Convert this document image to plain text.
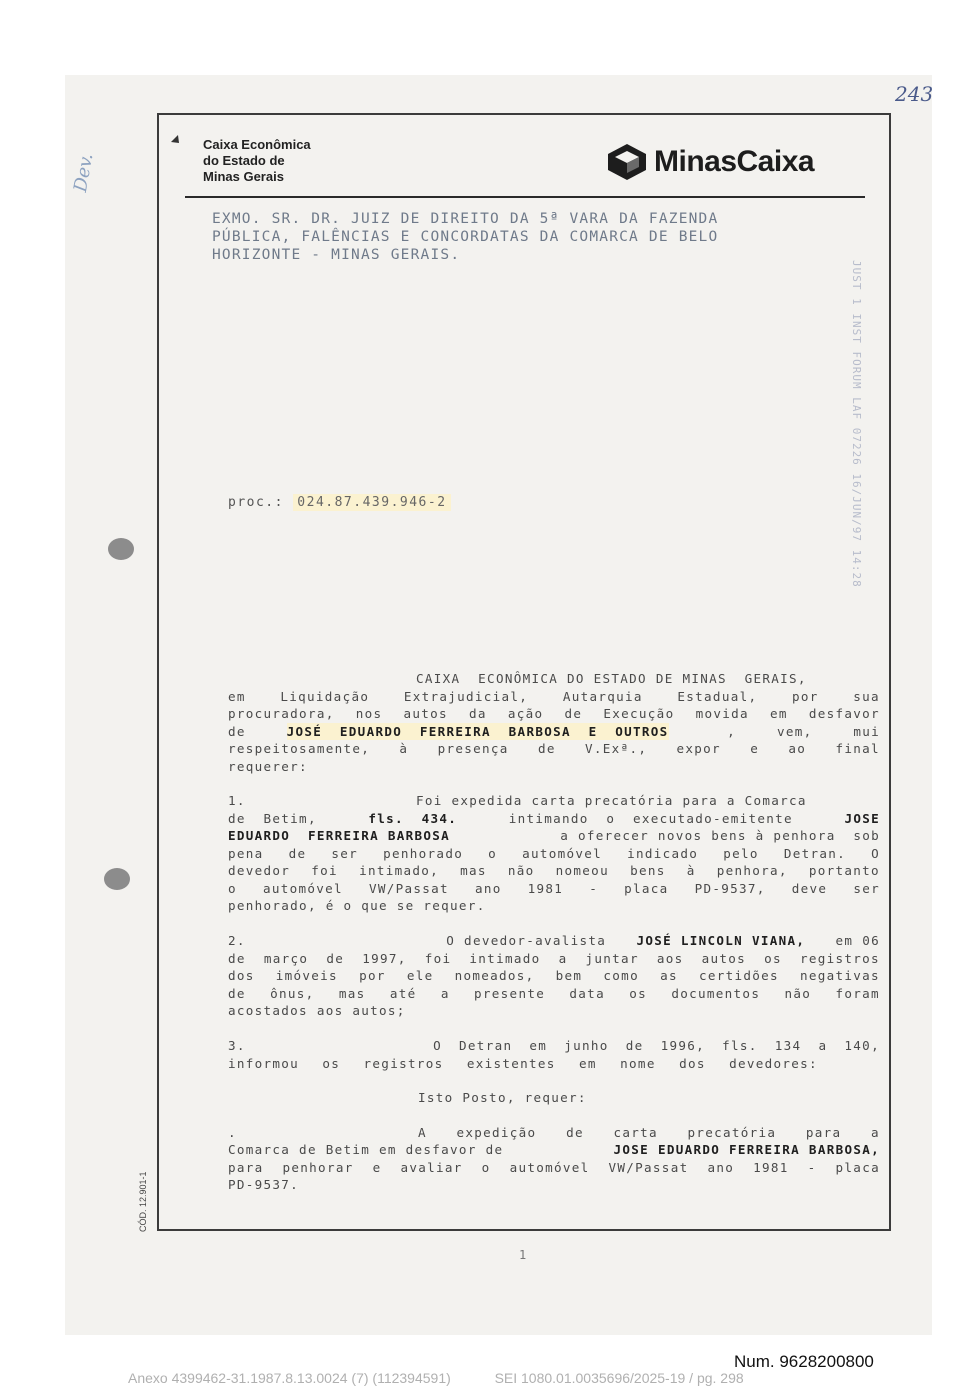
243
Dev.
Caixa Econômica
do Estado de
Minas Gerais	MinasCaixa
EXMO. SR. DR. JUIZ DE DIREITO DA 5ª VARA DA FAZENDA
PÚBLICA, FALÊNCIAS E CONCORDATAS DA COMARCA DE BELO
HORIZONTE - MINAS GERAIS.
JUST 1 INST FORUM LAF 07226 16/JUN/97 14:28
proc.: 024.87.439.946-2
CAIXA  ECONÔMICA DO ESTADO DE MINAS  GERAIS,
em	Liquidação	Extrajudicial,	Autarquia	Estadual,	por	sua
procuradora, nos autos da ação de Execução movida em desfavor
de	JOSÉ  EDUARDO  FERREIRA  BARBOSA  E  OUTROS	,	vem,	mui
respeitosamente, à presença de V.Exª., expor e ao final
requerer:
1.	Foi expedida carta precatória para a Comarca
de  Betim,	fls.  434.	intimando  o  executado-emitente	JOSE
EDUARDO  FERREIRA BARBOSA	a oferecer novos bens à penhora  sob
pena de ser penhorado o automóvel indicado pelo Detran. O
devedor foi intimado, mas não nomeou bens à penhora, portanto
o automóvel VW/Passat ano 1981 - placa PD-9537, deve ser
penhorado, é o que se requer.
2.	O devedor-avalista JOSÉ LINCOLN VIANA, em 06
de março de 1997, foi intimado a juntar aos autos os registros
dos imóveis por ele nomeados, bem como as certidões negativas
de ônus, mas até a presente data os documentos não foram
acostados aos autos;
3.	O Detran em junho de 1996, fls. 134 a 140,
informou os registros existentes em nome dos devedores:
Isto Posto, requer:
.	A expedição de carta precatória para a
Comarca de Betim em desfavor de	JOSE EDUARDO FERREIRA BARBOSA,
para penhorar e avaliar o automóvel VW/Passat ano 1981 - placa
PD-9537.
CÓD. 12.901-1
1
Num. 9628200800
Anexo 4399462-31.1987.8.13.0024 (7) (112394591)	SEI 1080.01.0035696/2025-19 / pg. 298
